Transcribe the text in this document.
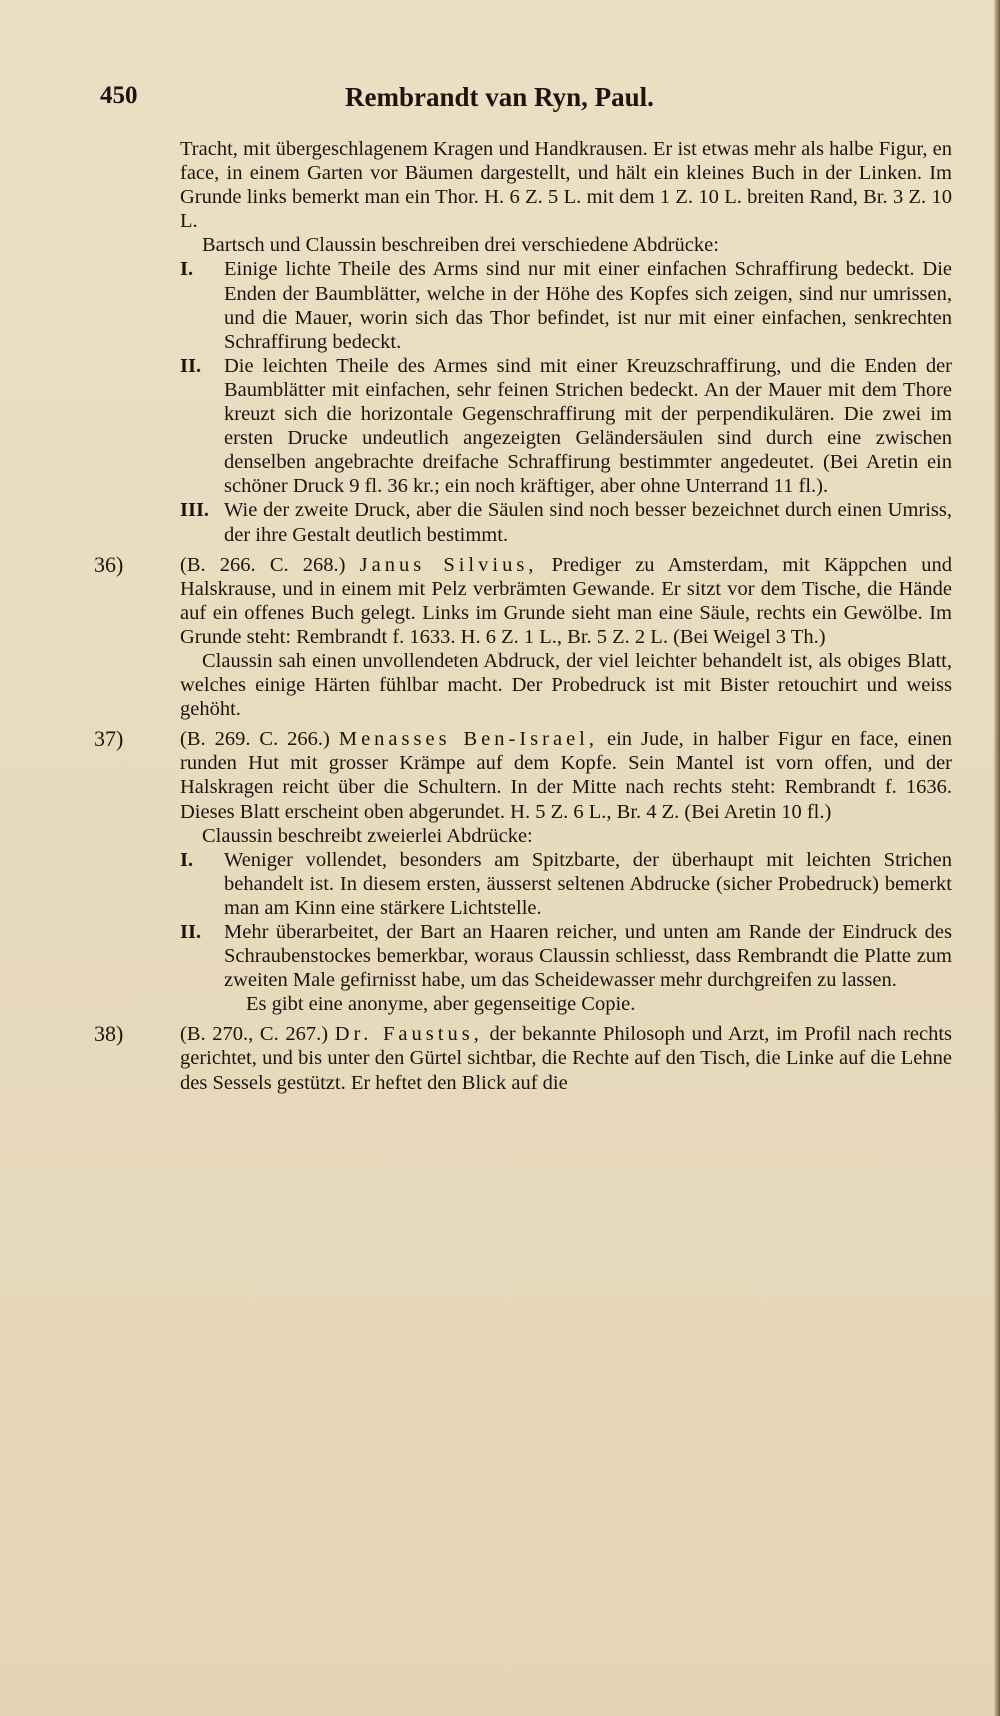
450	Rembrandt van Ryn, Paul.

Tracht, mit übergeschlagenem Kragen und Handkrausen. Er ist etwas mehr als halbe Figur, en face, in einem Garten vor Bäumen dargestellt, und hält ein kleines Buch in der Linken. Im Grunde links bemerkt man ein Thor. H. 6 Z. 5 L. mit dem 1 Z. 10 L. breiten Rand, Br. 3 Z. 10 L.

Bartsch und Claussin beschreiben drei verschiedene Abdrücke:

I. Einige lichte Theile des Arms sind nur mit einer einfachen Schraffirung bedeckt. Die Enden der Baumblätter, welche in der Höhe des Kopfes sich zeigen, sind nur umrissen, und die Mauer, worin sich das Thor befindet, ist nur mit einer einfachen, senkrechten Schraffirung bedeckt.

II. Die leichten Theile des Armes sind mit einer Kreuzschraffirung, und die Enden der Baumblätter mit einfachen, sehr feinen Strichen bedeckt. An der Mauer mit dem Thore kreuzt sich die horizontale Gegenschraffirung mit der perpendikulären. Die zwei im ersten Drucke undeutlich angezeigten Geländersäulen sind durch eine zwischen denselben angebrachte dreifache Schraffirung bestimmter angedeutet. (Bei Aretin ein schöner Druck 9 fl. 36 kr.; ein noch kräftiger, aber ohne Unterrand 11 fl.).

III. Wie der zweite Druck, aber die Säulen sind noch besser bezeichnet durch einen Umriss, der ihre Gestalt deutlich bestimmt.

36)	(B. 266. C. 268.) Janus Silvius, Prediger zu Amsterdam, mit Käppchen und Halskrause, und in einem mit Pelz verbrämten Gewande. Er sitzt vor dem Tische, die Hände auf ein offenes Buch gelegt. Links im Grunde sieht man eine Säule, rechts ein Gewölbe. Im Grunde steht: Rembrandt f. 1633. H. 6 Z. 1 L., Br. 5 Z. 2 L. (Bei Weigel 3 Th.)

Claussin sah einen unvollendeten Abdruck, der viel leichter behandelt ist, als obiges Blatt, welches einige Härten fühlbar macht. Der Probedruck ist mit Bister retouchirt und weiss gehöht.

37)	(B. 269. C. 266.) Menasses Ben-Israel, ein Jude, in halber Figur en face, einen runden Hut mit grosser Krämpe auf dem Kopfe. Sein Mantel ist vorn offen, und der Halskragen reicht über die Schultern. In der Mitte nach rechts steht: Rembrandt f. 1636. Dieses Blatt erscheint oben abgerundet. H. 5 Z. 6 L., Br. 4 Z. (Bei Aretin 10 fl.)

Claussin beschreibt zweierlei Abdrücke:

I. Weniger vollendet, besonders am Spitzbarte, der überhaupt mit leichten Strichen behandelt ist. In diesem ersten, äusserst seltenen Abdrucke (sicher Probedruck) bemerkt man am Kinn eine stärkere Lichtstelle.

II. Mehr überarbeitet, der Bart an Haaren reicher, und unten am Rande der Eindruck des Schraubenstockes bemerkbar, woraus Claussin schliesst, dass Rembrandt die Platte zum zweiten Male gefirnisst habe, um das Scheidewasser mehr durchgreifen zu lassen.

Es gibt eine anonyme, aber gegenseitige Copie.

38)	(B. 270., C. 267.) Dr. Faustus, der bekannte Philosoph und Arzt, im Profil nach rechts gerichtet, und bis unter den Gürtel sichtbar, die Rechte auf den Tisch, die Linke auf die Lehne des Sessels gestützt. Er heftet den Blick auf die
